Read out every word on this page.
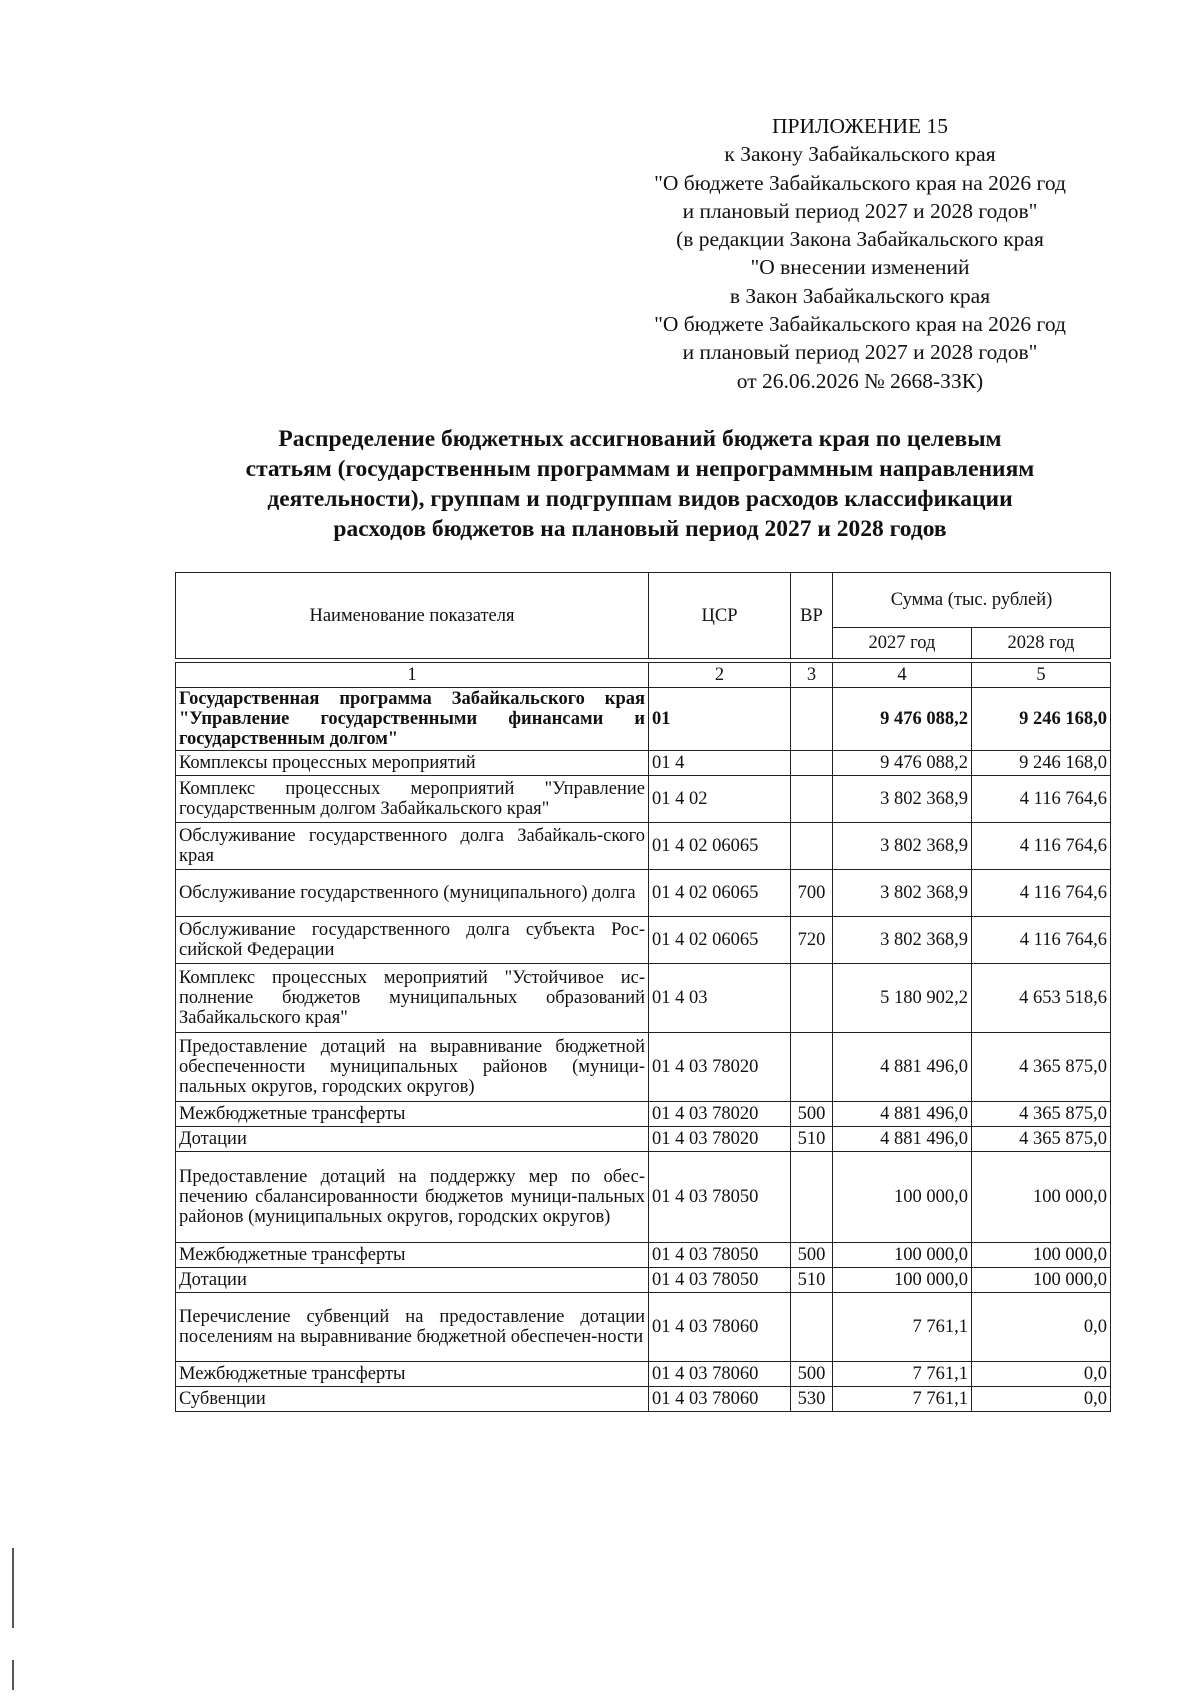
ПРИЛОЖЕНИЕ 15
к Закону Забайкальского края
"О бюджете Забайкальского края на 2026 год
и плановый период 2027 и 2028 годов"
(в редакции Закона Забайкальского края
"О внесении изменений
в Закон Забайкальского края
"О бюджете Забайкальского края на 2026 год
и плановый период 2027 и 2028 годов"
от 26.06.2026 № 2668-ЗЗК)
Распределение бюджетных ассигнований бюджета края по целевым
статьям (государственным программам и непрограммным направлениям
деятельности), группам и подгруппам видов расходов классификации
расходов бюджетов на плановый период 2027 и 2028 годов
Наименование показателя	ЦСР	ВР	Сумма (тыс. рублей)	
			2027 год	2028 год

1	2	3	4	5
Государственная программа Забайкальского края "Управление государственными финансами и государственным долгом"	01		9 476 088,2	9 246 168,0
Комплексы процессных мероприятий	01 4		9 476 088,2	9 246 168,0
Комплекс процессных мероприятий "Управление государственным долгом Забайкальского края"	01 4 02		3 802 368,9	4 116 764,6
Обслуживание государственного долга Забайкаль-ского края	01 4 02 06065		3 802 368,9	4 116 764,6
Обслуживание государственного (муниципального) долга	01 4 02 06065	700	3 802 368,9	4 116 764,6
Обслуживание государственного долга субъекта Рос-сийской Федерации	01 4 02 06065	720	3 802 368,9	4 116 764,6
Комплекс процессных мероприятий "Устойчивое ис-полнение бюджетов муниципальных образований Забайкальского края"	01 4 03		5 180 902,2	4 653 518,6
Предоставление дотаций на выравнивание бюджетной обеспеченности муниципальных районов (муници-пальных округов, городских округов)	01 4 03 78020		4 881 496,0	4 365 875,0
Межбюджетные трансферты	01 4 03 78020	500	4 881 496,0	4 365 875,0
Дотации	01 4 03 78020	510	4 881 496,0	4 365 875,0
Предоставление дотаций на поддержку мер по обес-печению сбалансированности бюджетов муници-пальных районов (муниципальных округов, городских округов)	01 4 03 78050		100 000,0	100 000,0
Межбюджетные трансферты	01 4 03 78050	500	100 000,0	100 000,0
Дотации	01 4 03 78050	510	100 000,0	100 000,0
Перечисление субвенций на предоставление дотации поселениям на выравнивание бюджетной обеспечен-ности	01 4 03 78060		7 761,1	0,0
Межбюджетные трансферты	01 4 03 78060	500	7 761,1	0,0
Субвенции	01 4 03 78060	530	7 761,1	0,0
